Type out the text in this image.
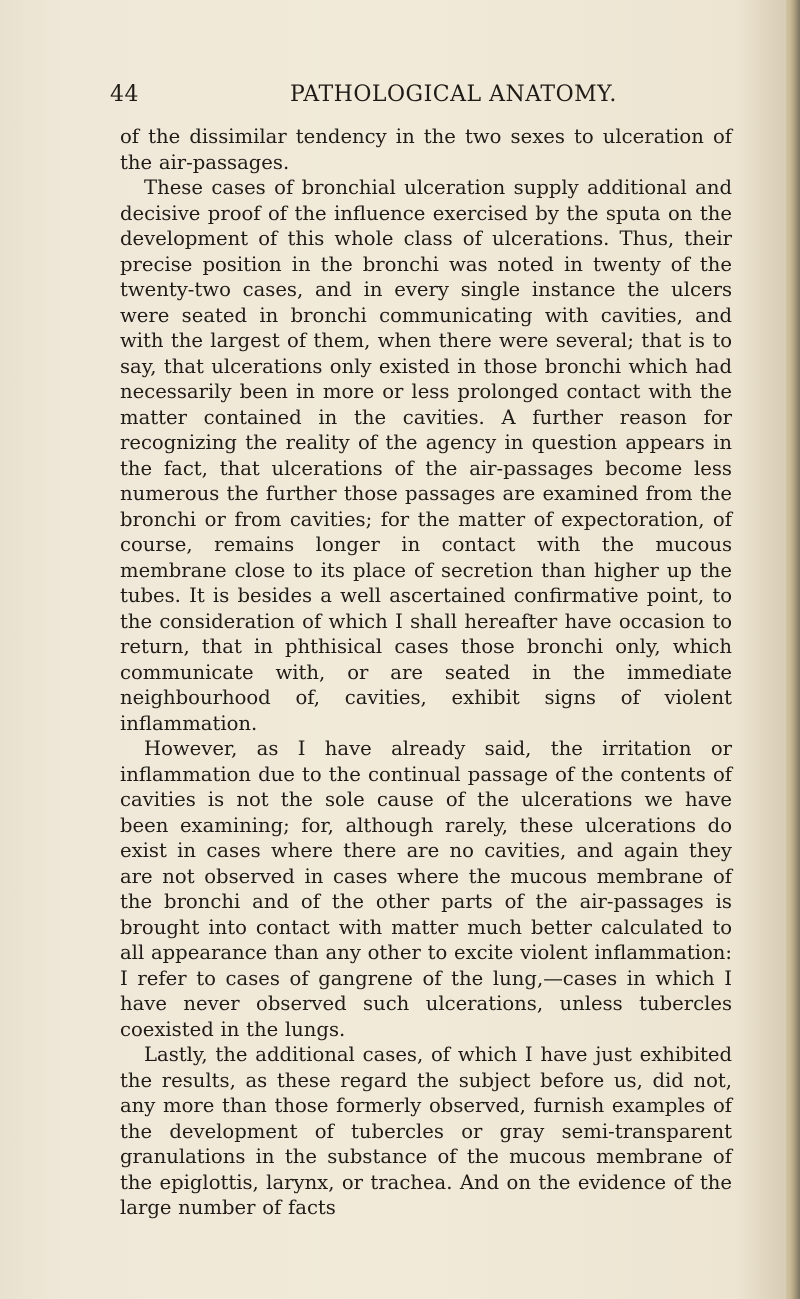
44	PATHOLOGICAL ANATOMY.

of the dissimilar tendency in the two sexes to ulceration of the air-passages.

These cases of bronchial ulceration supply additional and decisive proof of the influence exercised by the sputa on the development of this whole class of ulcerations. Thus, their precise position in the bronchi was noted in twenty of the twenty-two cases, and in every single instance the ulcers were seated in bronchi communicating with cavities, and with the largest of them, when there were several; that is to say, that ulcerations only existed in those bronchi which had necessarily been in more or less prolonged contact with the matter contained in the cavities. A further reason for recognizing the reality of the agency in question appears in the fact, that ulcerations of the air-passages become less numerous the further those passages are examined from the bronchi or from cavities; for the matter of expectoration, of course, remains longer in contact with the mucous membrane close to its place of secretion than higher up the tubes. It is besides a well ascertained confirmative point, to the consideration of which I shall hereafter have occasion to return, that in phthisical cases those bronchi only, which communicate with, or are seated in the immediate neighbourhood of, cavities, exhibit signs of violent inflammation.

However, as I have already said, the irritation or inflammation due to the continual passage of the contents of cavities is not the sole cause of the ulcerations we have been examining; for, although rarely, these ulcerations do exist in cases where there are no cavities, and again they are not observed in cases where the mucous membrane of the bronchi and of the other parts of the air-passages is brought into contact with matter much better calculated to all appearance than any other to excite violent inflammation: I refer to cases of gangrene of the lung,—cases in which I have never observed such ulcerations, unless tubercles coexisted in the lungs.

Lastly, the additional cases, of which I have just exhibited the results, as these regard the subject before us, did not, any more than those formerly observed, furnish examples of the development of tubercles or gray semi-transparent granulations in the substance of the mucous membrane of the epiglottis, larynx, or trachea. And on the evidence of the large number of facts
